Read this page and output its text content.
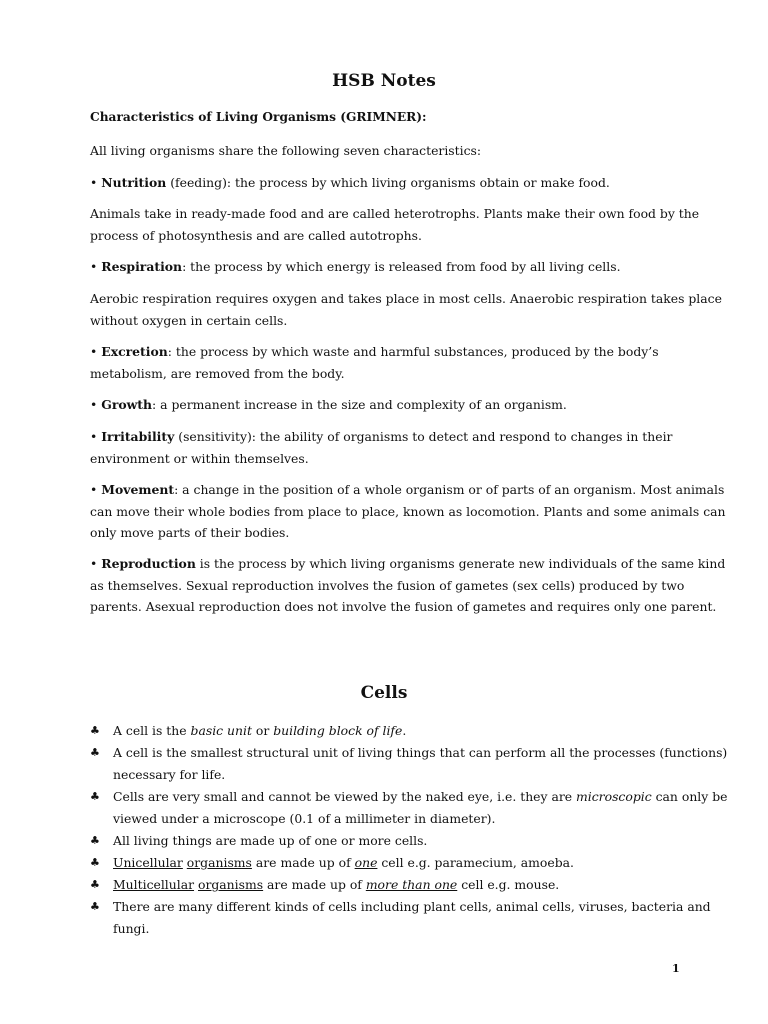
HSB Notes

Characteristics of Living Organisms (GRIMNER):

All living organisms share the following seven characteristics:

• Nutrition (feeding): the process by which living organisms obtain or make food.

Animals take in ready-made food and are called heterotrophs. Plants make their own food by the process of photosynthesis and are called autotrophs.

• Respiration: the process by which energy is released from food by all living cells.

Aerobic respiration requires oxygen and takes place in most cells. Anaerobic respiration takes place without oxygen in certain cells.

• Excretion: the process by which waste and harmful substances, produced by the body’s metabolism, are removed from the body.

• Growth: a permanent increase in the size and complexity of an organism.

• Irritability (sensitivity): the ability of organisms to detect and respond to changes in their environment or within themselves.

• Movement: a change in the position of a whole organism or of parts of an organism. Most animals can move their whole bodies from place to place, known as locomotion. Plants and some animals can only move parts of their bodies.

• Reproduction is the process by which living organisms generate new individuals of the same kind as themselves. Sexual reproduction involves the fusion of gametes (sex cells) produced by two parents. Asexual reproduction does not involve the fusion of gametes and requires only one parent.

Cells
♣ A cell is the basic unit or building block of life.
♣ A cell is the smallest structural unit of living things that can perform all the processes (functions) necessary for life.
♣ Cells are very small and cannot be viewed by the naked eye, i.e. they are microscopic can only be viewed under a microscope (0.1 of a millimeter in diameter).
♣ All living things are made up of one or more cells.
♣ Unicellular organisms are made up of one cell e.g. paramecium, amoeba.
♣ Multicellular organisms are made up of more than one cell e.g. mouse.
♣ There are many different kinds of cells including plant cells, animal cells, viruses, bacteria and fungi.
1
